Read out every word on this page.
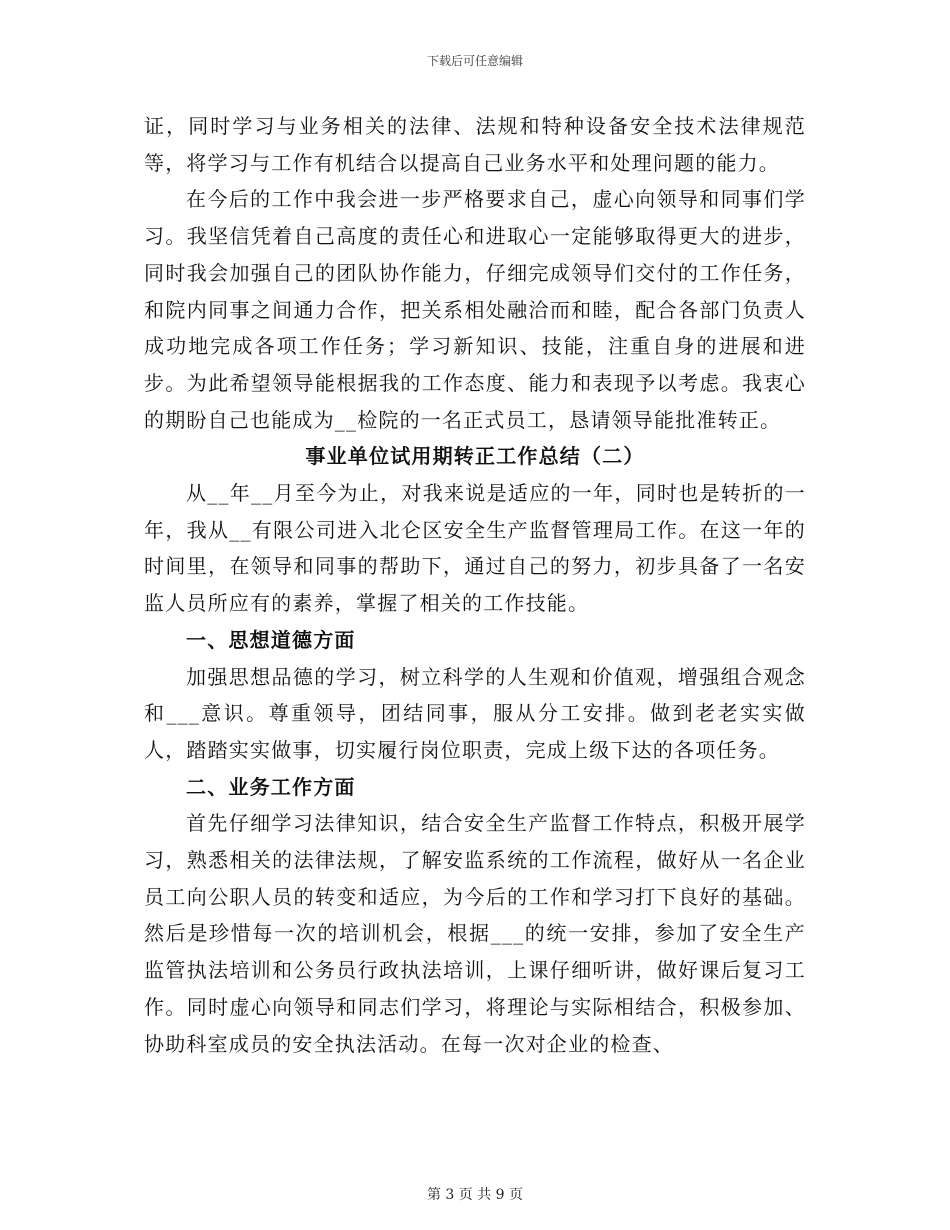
下载后可任意编辑

证，同时学习与业务相关的法律、法规和特种设备安全技术法律规范等，将学习与工作有机结合以提高自己业务水平和处理问题的能力。

在今后的工作中我会进一步严格要求自己，虚心向领导和同事们学习。我坚信凭着自己高度的责任心和进取心一定能够取得更大的进步，同时我会加强自己的团队协作能力，仔细完成领导们交付的工作任务，和院内同事之间通力合作，把关系相处融洽而和睦，配合各部门负责人成功地完成各项工作任务；学习新知识、技能，注重自身的进展和进步。为此希望领导能根据我的工作态度、能力和表现予以考虑。我衷心的期盼自己也能成为__检院的一名正式员工，恳请领导能批准转正。

事业单位试用期转正工作总结（二）

从__年__月至今为止，对我来说是适应的一年，同时也是转折的一年，我从__有限公司进入北仑区安全生产监督管理局工作。在这一年的时间里，在领导和同事的帮助下，通过自己的努力，初步具备了一名安监人员所应有的素养，掌握了相关的工作技能。

一、思想道德方面

加强思想品德的学习，树立科学的人生观和价值观，增强组合观念和___意识。尊重领导，团结同事，服从分工安排。做到老老实实做人，踏踏实实做事，切实履行岗位职责，完成上级下达的各项任务。

二、业务工作方面

首先仔细学习法律知识，结合安全生产监督工作特点，积极开展学习，熟悉相关的法律法规，了解安监系统的工作流程，做好从一名企业员工向公职人员的转变和适应，为今后的工作和学习打下良好的基础。然后是珍惜每一次的培训机会，根据___的统一安排，参加了安全生产监管执法培训和公务员行政执法培训，上课仔细听讲，做好课后复习工作。同时虚心向领导和同志们学习，将理论与实际相结合，积极参加、协助科室成员的安全执法活动。在每一次对企业的检查、

第 3 页 共 9 页
